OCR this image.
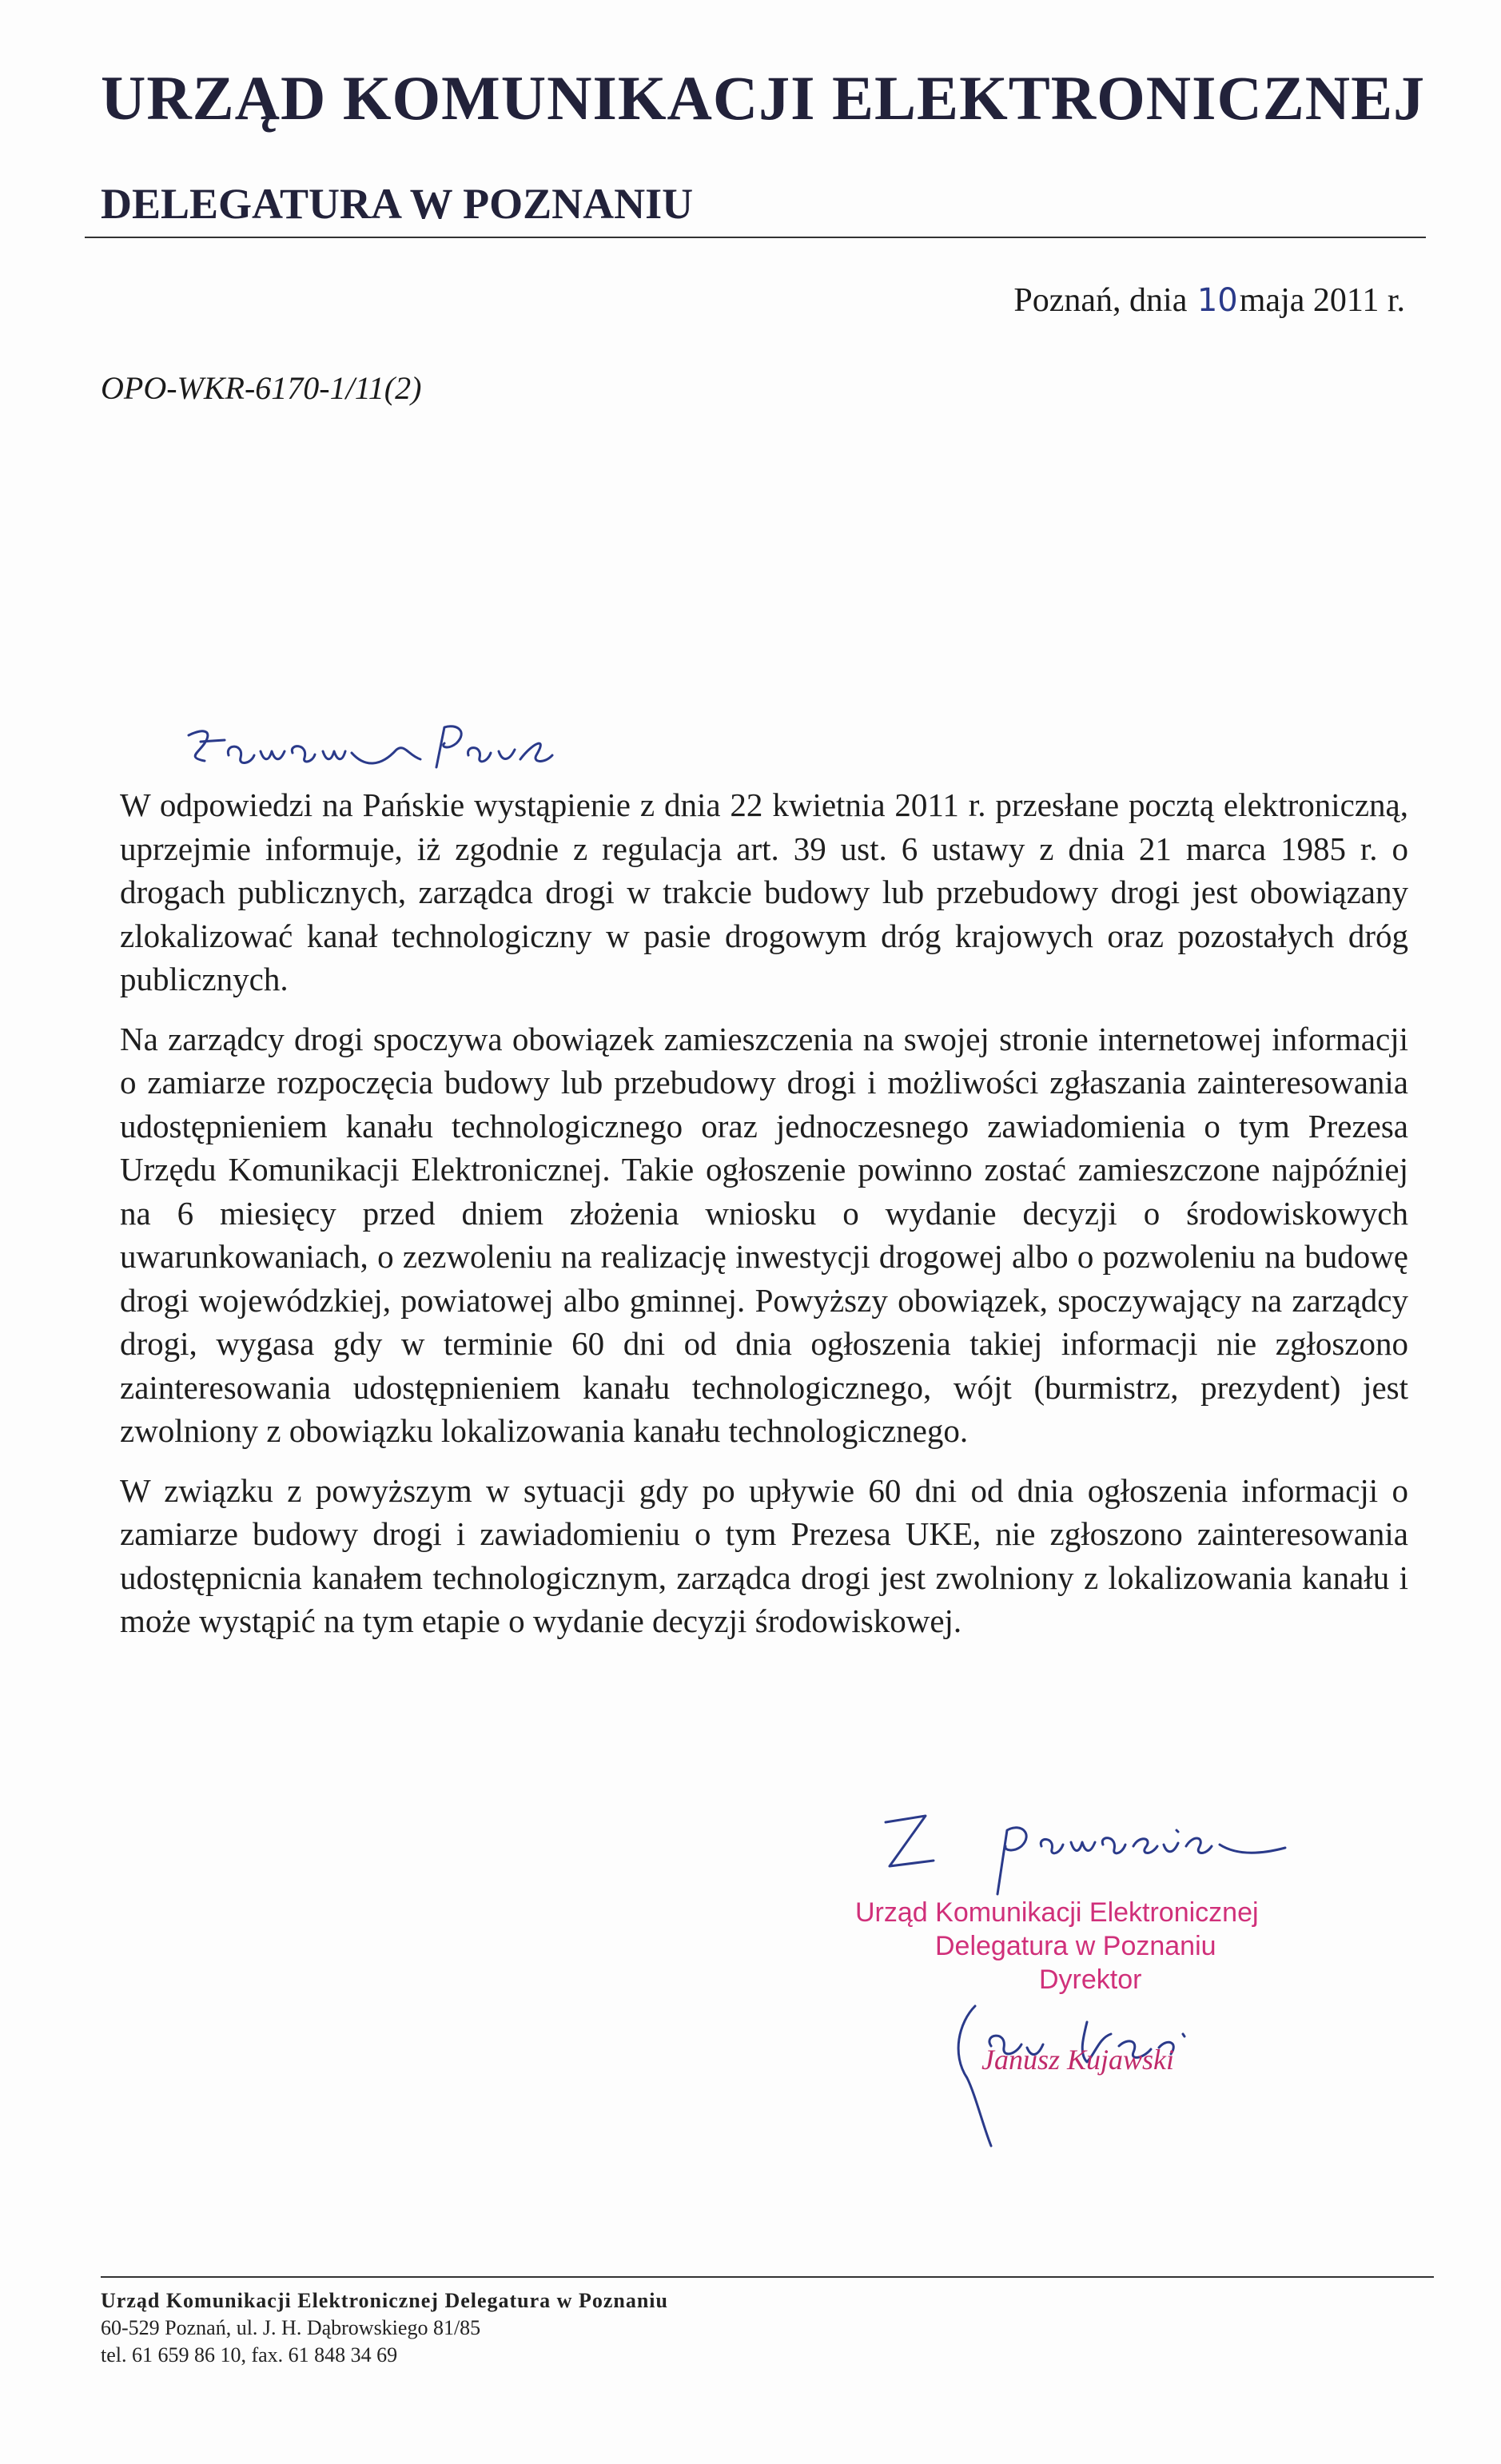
URZĄD KOMUNIKACJI ELEKTRONICZNEJ
DELEGATURA W POZNANIU
Poznań, dnia 10maja 2011 r.
OPO-WKR-6170-1/11(2)

W odpowiedzi na Pańskie wystąpienie z dnia 22 kwietnia 2011 r. przesłane pocztą elektroniczną, uprzejmie informuje, iż zgodnie z regulacja art. 39 ust. 6 ustawy z dnia 21 marca 1985 r. o drogach publicznych, zarządca drogi w trakcie budowy lub przebudowy drogi jest obowiązany zlokalizować kanał technologiczny w pasie drogowym dróg krajowych oraz pozostałych dróg publicznych.

Na zarządcy drogi spoczywa obowiązek zamieszczenia na swojej stronie internetowej informacji o zamiarze rozpoczęcia budowy lub przebudowy drogi i możliwości zgłaszania zainteresowania udostępnieniem kanału technologicznego oraz jednoczesnego zawiadomienia o tym Prezesa Urzędu Komunikacji Elektronicznej. Takie ogłoszenie powinno zostać zamieszczone najpóźniej na 6 miesięcy przed dniem złożenia wniosku o wydanie decyzji o środowiskowych uwarunkowaniach, o zezwoleniu na realizację inwestycji drogowej albo o pozwoleniu na budowę drogi wojewódzkiej, powiatowej albo gminnej. Powyższy obowiązek, spoczywający na zarządcy drogi, wygasa gdy w terminie 60 dni od dnia ogłoszenia takiej informacji nie zgłoszono zainteresowania udostępnieniem kanału technologicznego, wójt (burmistrz, prezydent) jest zwolniony z obowiązku lokalizowania kanału technologicznego.

W związku z powyższym w sytuacji gdy po upływie 60 dni od dnia ogłoszenia informacji o zamiarze budowy drogi i zawiadomieniu o tym Prezesa UKE, nie zgłoszono zainteresowania udostępnicnia kanałem technologicznym, zarządca drogi jest zwolniony z lokalizowania kanału i może wystąpić na tym etapie o wydanie decyzji środowiskowej.

Urząd Komunikacji Elektronicznej
Delegatura w Poznaniu
Dyrektor
Janusz Kujawski
Urząd Komunikacji Elektronicznej Delegatura w Poznaniu
60-529 Poznań, ul. J. H. Dąbrowskiego 81/85
tel. 61 659 86 10, fax. 61 848 34 69
